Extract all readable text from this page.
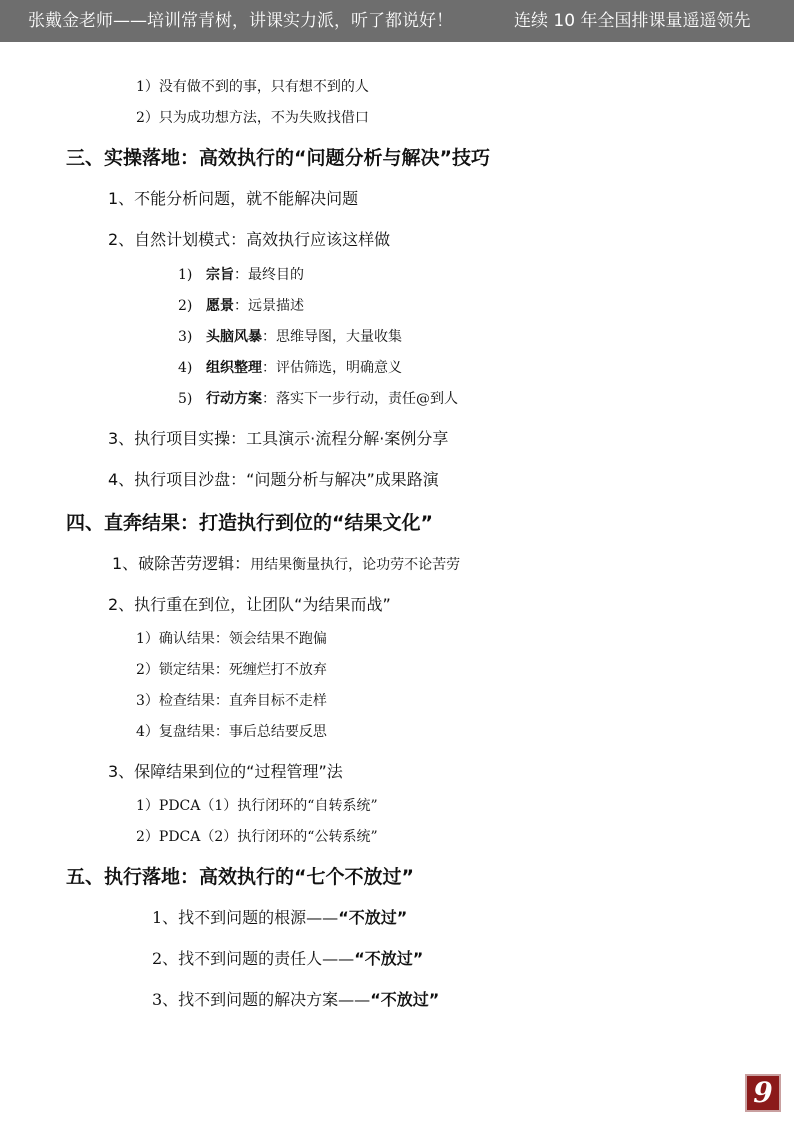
张戴金老师——培训常青树，讲课实力派，听了都说好！	连续 10 年全国排课量遥遥领先
1）没有做不到的事，只有想不到的人
2）只为成功想方法，不为失败找借口
三、实操落地：高效执行的“问题分析与解决”技巧
1、不能分析问题，就不能解决问题
2、自然计划模式：高效执行应该这样做
1) 宗旨：最终目的
2) 愿景：远景描述
3) 头脑风暴：思维导图，大量收集
4) 组织整理：评估筛选，明确意义
5) 行动方案：落实下一步行动，责任@到人
3、执行项目实操：工具演示·流程分解·案例分享
4、执行项目沙盘：“问题分析与解决”成果路演
四、直奔结果：打造执行到位的“结果文化”
1、破除苦劳逻辑：用结果衡量执行，论功劳不论苦劳
2、执行重在到位，让团队“为结果而战”
1）确认结果：领会结果不跑偏
2）锁定结果：死缠烂打不放弃
3）检查结果：直奔目标不走样
4）复盘结果：事后总结要反思
3、保障结果到位的“过程管理”法
1）PDCA（1）执行闭环的“自转系统”
2）PDCA（2）执行闭环的“公转系统”
五、执行落地：高效执行的“七个不放过”
1、找不到问题的根源——“不放过”
2、找不到问题的责任人——“不放过”
3、找不到问题的解决方案——“不放过”
9
